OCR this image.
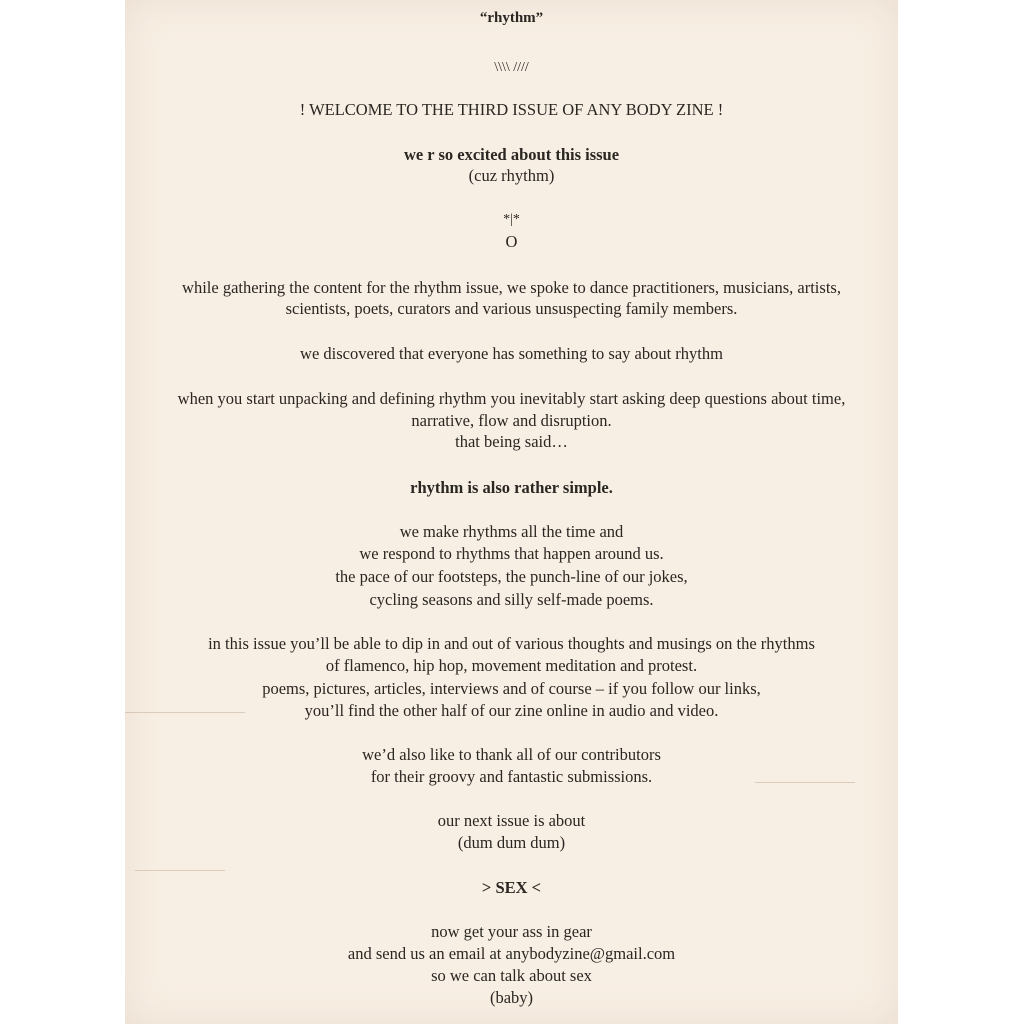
“rhythm”
\\\\ ////
! WELCOME TO THE THIRD ISSUE OF ANY BODY ZINE !
we r so excited about this issue
(cuz rhythm)
*|*
O
while gathering the content for the rhythm issue, we spoke to dance practitioners, musicians, artists,
scientists, poets, curators and various unsuspecting family members.
we discovered that everyone has something to say about rhythm
when you start unpacking and defining rhythm you inevitably start asking deep questions about time,
narrative, flow and disruption.
that being said…
rhythm is also rather simple.
we make rhythms all the time and
we respond to rhythms that happen around us.
the pace of our footsteps, the punch-line of our jokes,
cycling seasons and silly self-made poems.
in this issue you’ll be able to dip in and out of various thoughts and musings on the rhythms
of flamenco, hip hop, movement meditation and protest.
poems, pictures, articles, interviews and of course – if you follow our links,
you’ll find the other half of our zine online in audio and video.
we’d also like to thank all of our contributors
for their groovy and fantastic submissions.
our next issue is about
(dum dum dum)
> SEX <
now get your ass in gear
and send us an email at anybodyzine@gmail.com
so we can talk about sex
(baby)
